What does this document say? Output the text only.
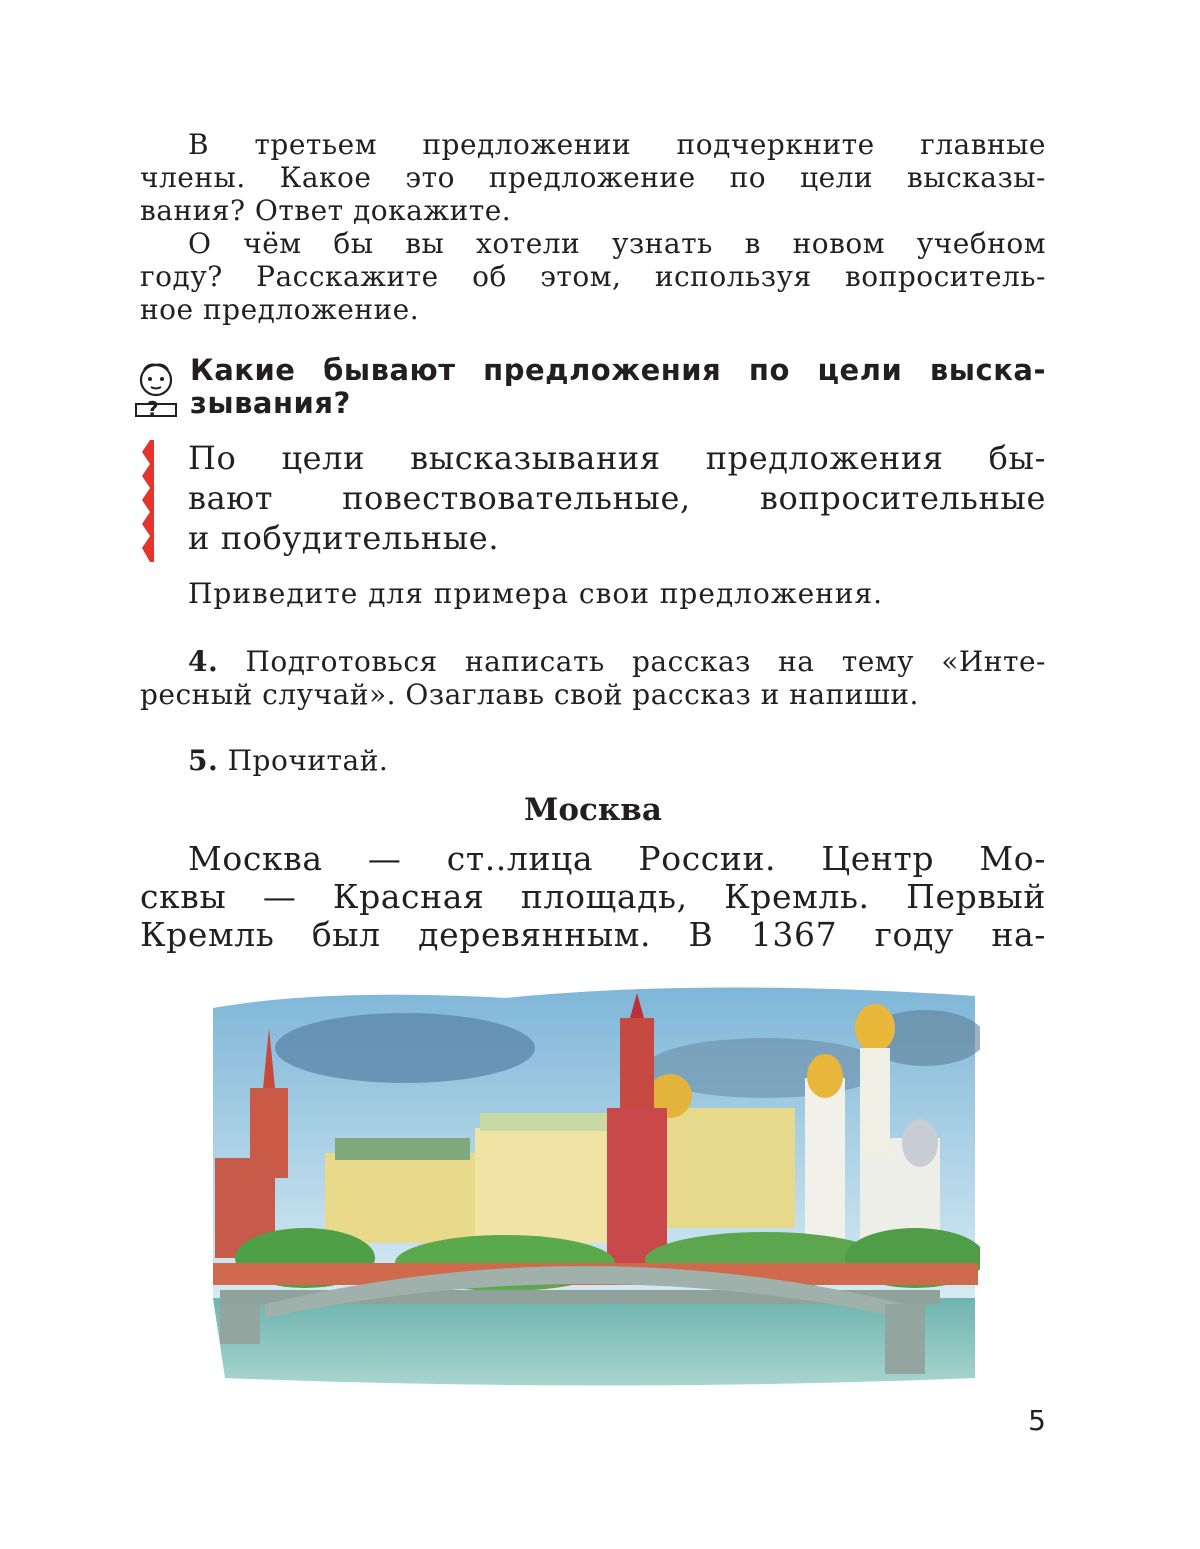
В третьем предложении подчеркните главные
члены. Какое это предложение по цели высказы-
вания? Ответ докажите.
О чём бы вы хотели узнать в новом учебном
году? Расскажите об этом, используя вопроситель-
ное предложение.
?
Какие бывают предложения по цели выска-
зывания?
По цели высказывания предложения бы-
вают повествовательные, вопросительные
и побудительные.
Приведите для примера свои предложения.
4. Подготовься написать рассказ на тему «Инте-
ресный случай». Озаглавь свой рассказ и напиши.
5. Прочитай.
Москва
Москва — ст..лица России. Центр Мо-
сквы — Красная площадь, Кремль. Первый
Кремль был деревянным. В 1367 году на-
5
